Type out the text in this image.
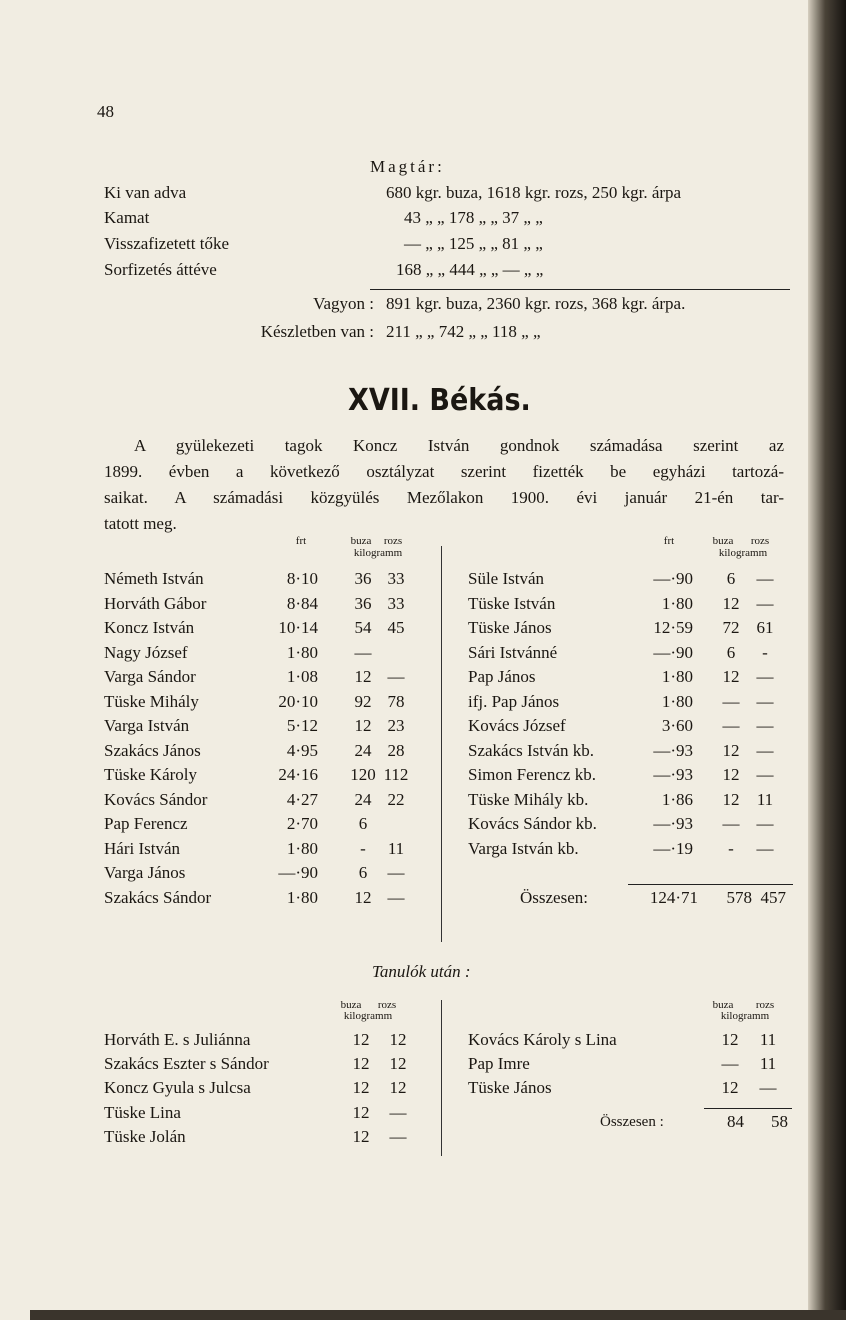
48
Magtár:
Ki van adva	680 kgr. buza, 1618 kgr. rozs, 250 kgr. árpa
Kamat	43 „ „ 178 „ „ 37 „ „
Visszafizetett tőke	— „ „ 125 „ „ 81 „ „
Sorfizetés áttéve	168 „ „ 444 „ „ — „ „
Vagyon : 891 kgr. buza, 2360 kgr. rozs, 368 kgr. árpa.
Készletben van : 211 „ „ 742 „ „ 118 „ „
XVII. Békás.
A gyülekezeti tagok Koncz István gondnok számadása szerint az
1899. évben a következő osztályzat szerint fizették be egyházi tartozá-
saikat. A számadási közgyülés Mezőlakon 1900. évi január 21-én tar-
tatott meg.
frt	buza	rozs
kilogramm
frt	buza	rozs
kilogramm
Németh István	8·10	36 33
Horváth Gábor	8·84	36 33
Koncz István	10·14	54 45
Nagy József	1·80	—
Varga Sándor	1·08	12 —
Tüske Mihály	20·10	92 78
Varga István	5·12	12 23
Szakács János	4·95	24 28
Tüske Károly	24·16	120 112
Kovács Sándor	4·27	24 22
Pap Ferencz	2·70	6
Hári István	1·80	-	11
Varga János	—·90	6	—
Szakács Sándor	1·80	12 —
Süle István	—·90	6	—
Tüske István	1·80	12	—
Tüske János	12·59	72	61
Sári Istvánné	—·90	6	-
Pap János	1·80	12	—
ifj. Pap János	1·80	—	—
Kovács József	3·60	—	—
Szakács István kb.	—·93	12	—
Simon Ferencz kb.	—·93	12	—
Tüske Mihály kb.	1·86	12	11
Kovács Sándor kb.	—·93	—	—
Varga István kb.	—·19	-	—
Összesen:	124·71 578 457
Tanulók után :
buza	rozs
kilogramm
buza	rozs
kilogramm
Horváth E. s Juliánna	12	12
Szakács Eszter s Sándor	12	12
Koncz Gyula s Julcsa	12	12
Tüske Lina	12	—
Tüske Jolán	12	—
Kovács Károly s Lina	12	11
Pap Imre	—	11
Tüske János	12	—
Összesen :	84 58
